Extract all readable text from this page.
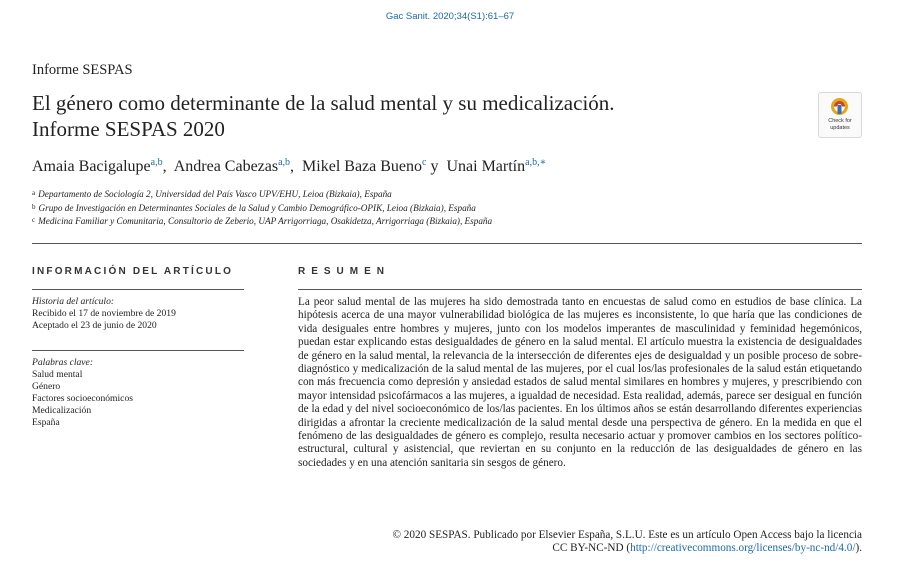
Gac Sanit. 2020;34(S1):61–67
Informe SESPAS
El género como determinante de la salud mental y su medicalización.
Informe SESPAS 2020	Check for
updates
Amaia Bacigalupe$^{a,b}$,  Andrea Cabezas$^{a,b}$,  Mikel Baza Bueno$^c$ y  Unai Martín$^{a,b,∗}$
$^a$ Departamento de Sociología 2, Universidad del País Vasco UPV/EHU, Leioa (Bizkaia), España
$^b$ Grupo de Investigación en Determinantes Sociales de la Salud y Cambio Demográfico-OPIK, Leioa (Bizkaia), España
$^c$ Medicina Familiar y Comunitaria, Consultorio de Zeberio, UAP Arrigorriaga, Osakidetza, Arrigorriaga (Bizkaia), España
INFORMACIÓN DEL ARTÍCULO	RESUMEN
Historia del artículo:
Recibido el 17 de noviembre de 2019
Aceptado el 23 de junio de 2020
Palabras clave:
Salud mental
Género
Factores socioeconómicos
Medicalización
España

La peor salud mental de las mujeres ha sido demostrada tanto en encuestas de salud como en estudios de base clínica. La hipótesis acerca de una mayor vulnerabilidad biológica de las mujeres es inconsistente, lo que haría que las condiciones de vida desiguales entre hombres y mujeres, junto con los modelos imperantes de masculinidad y feminidad hegemónicos, puedan estar explicando estas desigualdades de género en la salud mental. El artículo muestra la existencia de desigualdades de género en la salud mental, la relevancia de la intersección de diferentes ejes de desigualdad y un posible proceso de sobre-diagnóstico y medicalización de la salud mental de las mujeres, por el cual los/las profesionales de la salud están etiquetando con más frecuencia como depresión y ansiedad estados de salud mental similares en hombres y mujeres, y prescribiendo con mayor intensidad psicofármacos a las mujeres, a igualdad de necesidad. Esta realidad, además, parece ser desigual en función de la edad y del nivel socioeconómico de los/las pacientes. En los últimos años se están desarrollando diferentes experiencias dirigidas a afrontar la creciente medicalización de la salud mental desde una perspectiva de género. En la medida en que el fenómeno de las desigualdades de género es complejo, resulta necesario actuar y promover cambios en los sectores político-estructural, cultural y asistencial, que reviertan en su conjunto en la reducción de las desigualdades de género en las sociedades y en una atención sanitaria sin sesgos de género.

© 2020 SESPAS. Publicado por Elsevier España, S.L.U. Este es un artículo Open Access bajo la licencia
CC BY-NC-ND (http://creativecommons.org/licenses/by-nc-nd/4.0/).
